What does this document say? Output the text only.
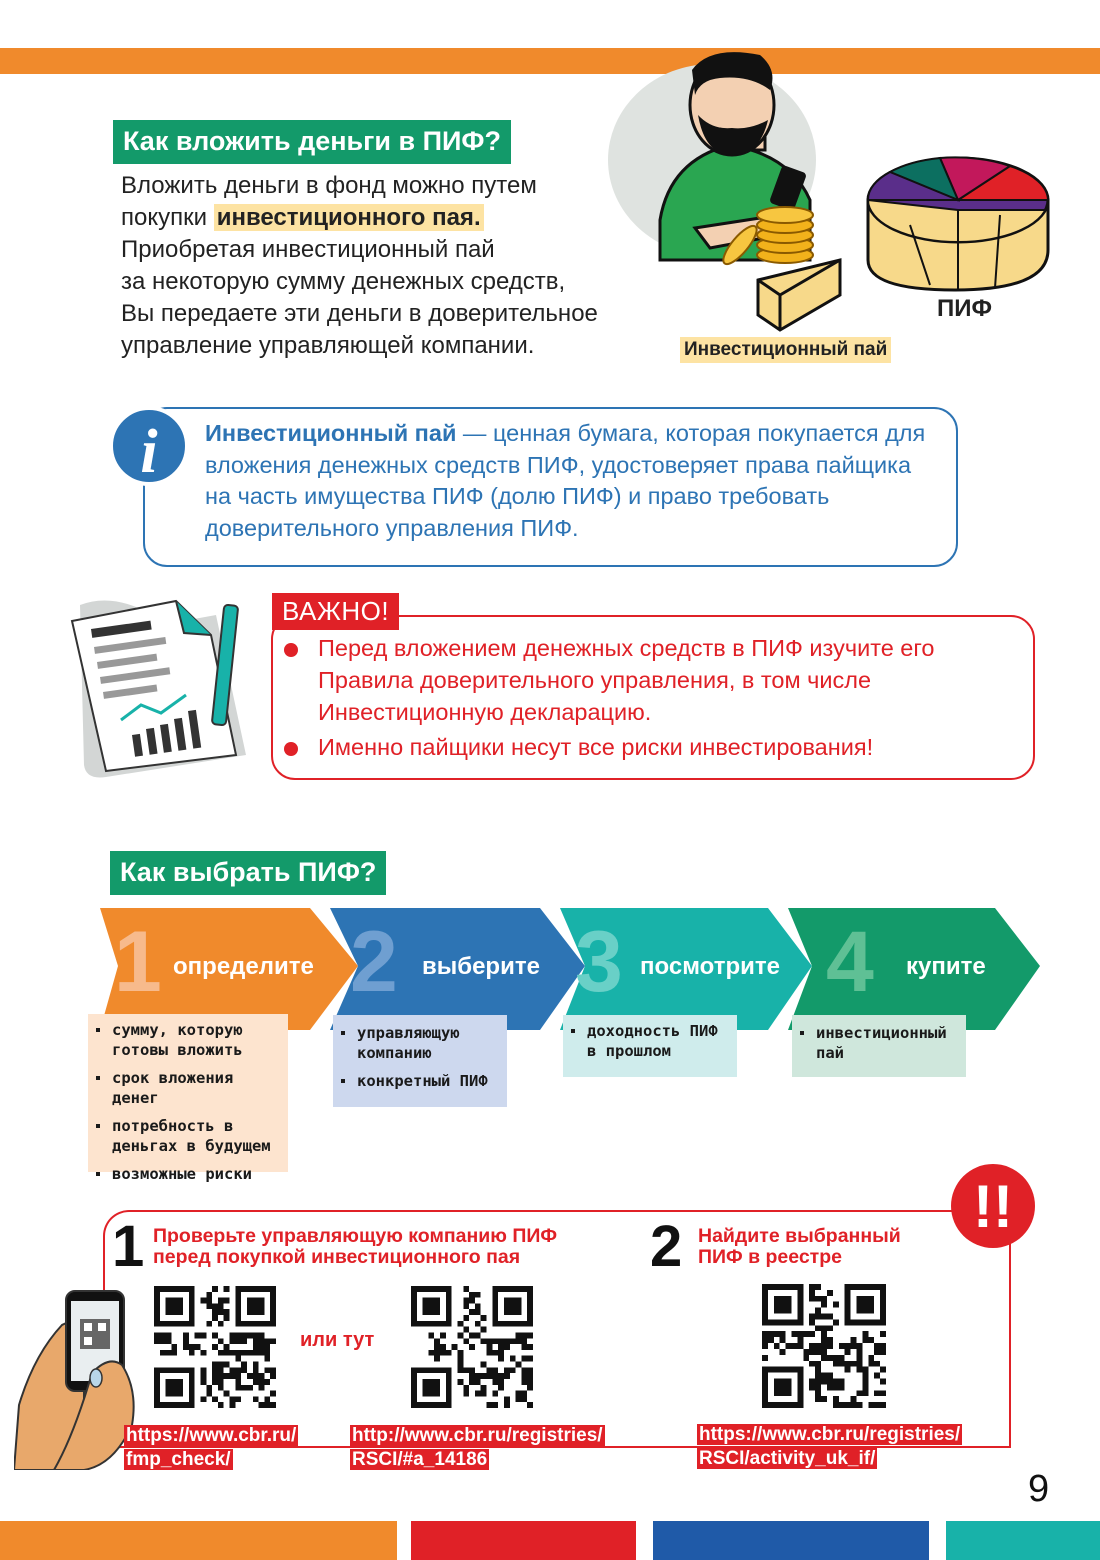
Как вложить деньги в ПИФ?
Вложить деньги в фонд можно путем
покупки инвестиционного пая.
Приобретая инвестиционный пай
за некоторую сумму денежных средств,
Вы передаете эти деньги в доверительное
управление управляющей компании.	Инвестиционный пай
ПИФ
i Инвестиционный пай — ценная бумага, которая покупается для вложения денежных средств ПИФ, удостоверяет права пайщика на часть имущества ПИФ (долю ПИФ) и право требовать доверительного управления ПИФ.
ВАЖНО!
Перед вложением денежных средств в ПИФ изучите его Правила доверительного управления, в том числе Инвестиционную декларацию.
Именно пайщики несут все риски инвестирования!
Как выбрать ПИФ?
1 определите 2 выберите 3 посмотрите 4 купите
сумму, которую готовы вложить
срок вложения денег
потребность в деньгах в будущем
возможные риски
управляющую компанию
конкретный ПИФ
доходность ПИФ в прошлом
инвестиционный пай
!!
1 Проверьте управляющую компанию ПИФ
перед покупкой инвестиционного пая	2 Найдите выбранный
ПИФ в реестре
или тут
https://www.cbr.ru/
fmp_check/
http://www.cbr.ru/registries/
RSCI/#a_14186
https://www.cbr.ru/registries/
RSCI/activity_uk_if/
9
